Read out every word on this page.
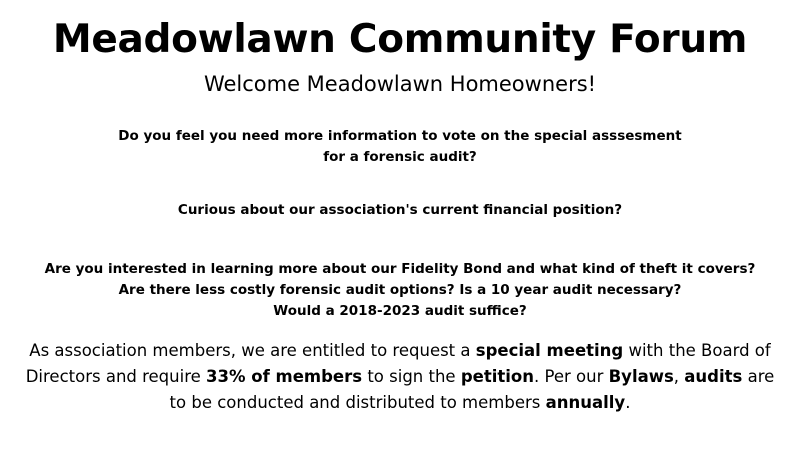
Meadowlawn Community Forum

Welcome Meadowlawn Homeowners!

Do you feel you need more information to vote on the special asssesment
for a forensic audit?

Curious about our association's current financial position?

Are you interested in learning more about our Fidelity Bond and what kind of theft it covers?
Are there less costly forensic audit options? Is a 10 year audit necessary?
Would a 2018-2023 audit suffice?

As association members, we are entitled to request a special meeting with the Board of Directors and require 33% of members to sign the petition. Per our Bylaws, audits are to be conducted and distributed to members annually.
